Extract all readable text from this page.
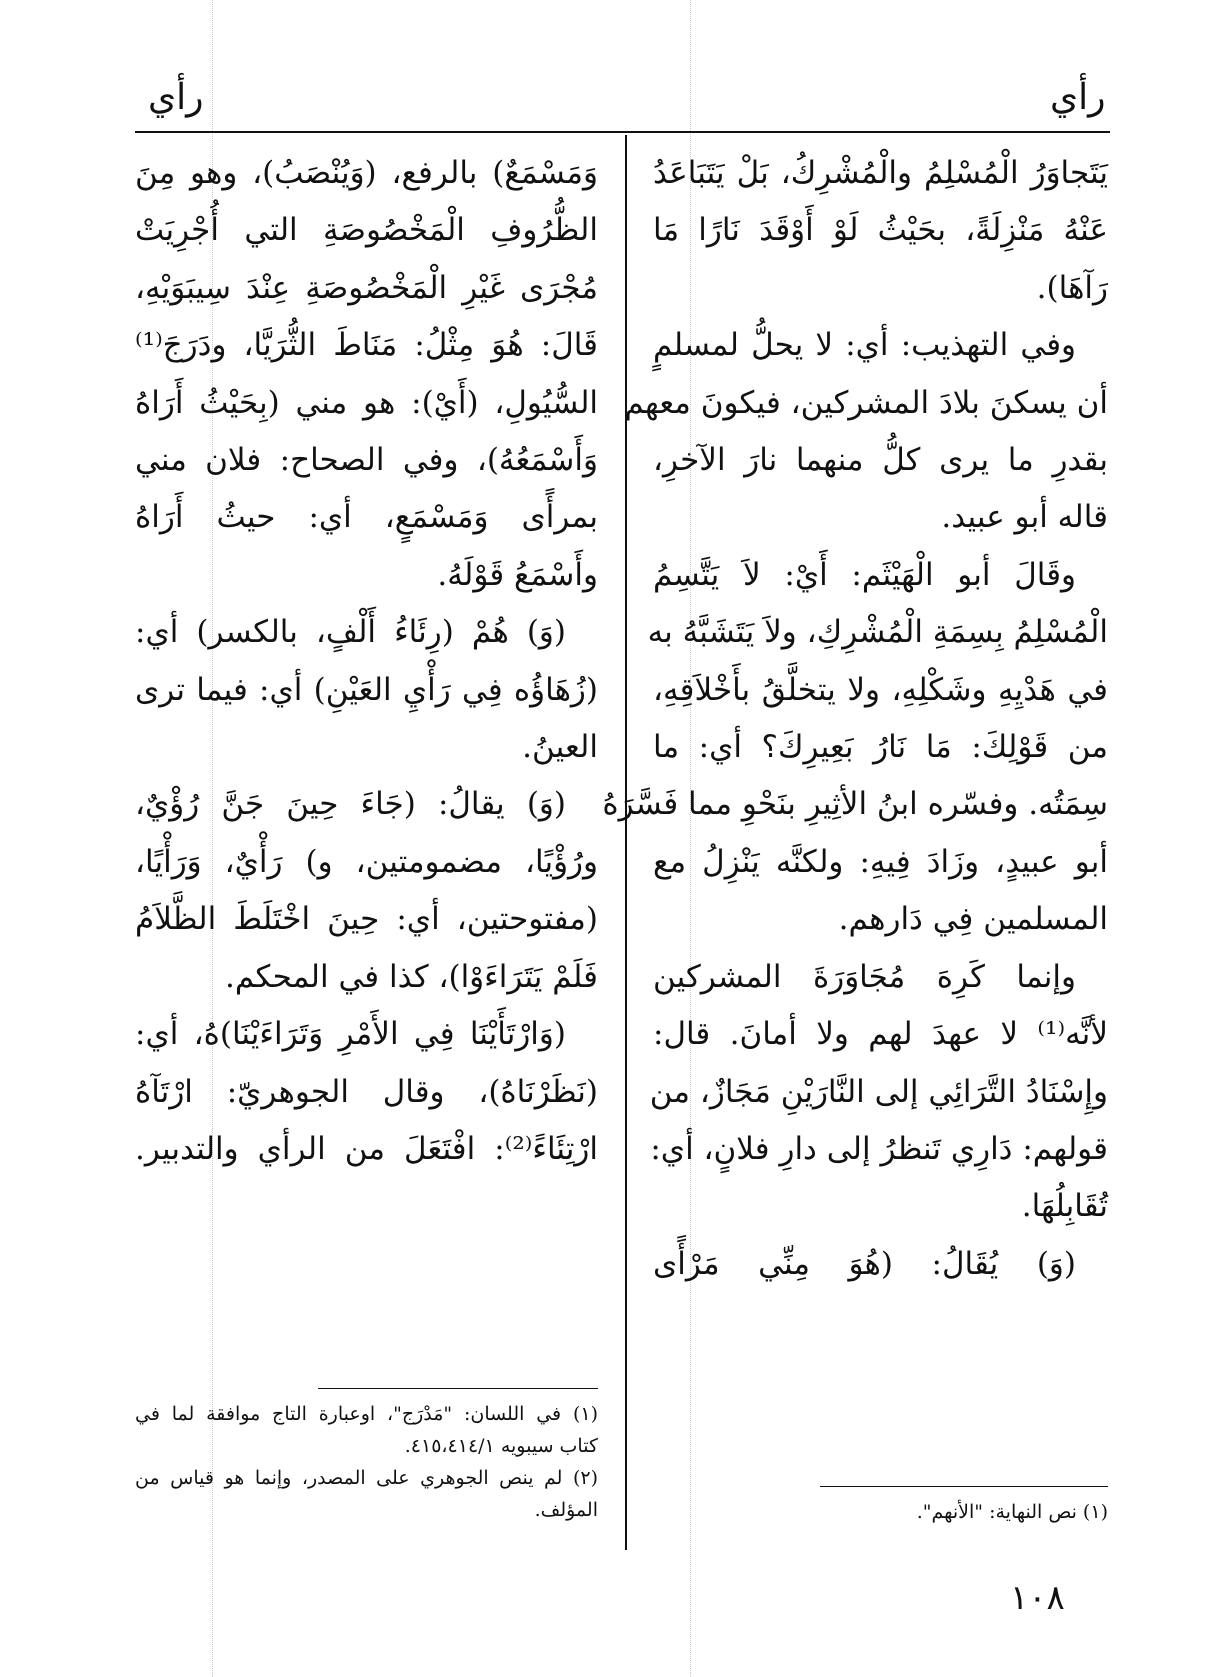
رأي	رأي
يَتَجاوَرُ الْمُسْلِمُ والْمُشْرِكُ، بَلْ يَتَبَاعَدُ
عَنْهُ مَنْزِلَةً، بحَيْثُ لَوْ أَوْقَدَ نَارًا مَا
رَآهَا).
وفي التهذيب: أي: لا يحلُّ لمسلمٍ
أن يسكنَ بلادَ المشركين، فيكونَ معهم
بقدرِ ما يرى كلُّ منهما نارَ الآخرِ،
قاله أبو عبيد.
وقَالَ أبو الْهَيْثَم: أَيْ: لاَ يَتَّسِمُ
الْمُسْلِمُ بِسِمَةِ الْمُشْرِكِ، ولاَ يَتَشَبَّهُ به
في هَدْيِهِ وشَكْلِهِ، ولا يتخلَّقُ بأَخْلاَقِهِ،
من قَوْلِكَ: مَا نَارُ بَعِيرِكَ؟ أي: ما
سِمَتُه. وفسّره ابنُ الأثِيرِ بنَحْوِ مما فَسَّرَهُ
أبو عبيدٍ، وزَادَ فِيهِ: ولكنَّه يَنْزِلُ مع
المسلمين فِي دَارهم.
وإنما كَرِهَ مُجَاوَرَةَ المشركين
لأنَّه⁽¹⁾ لا عهدَ لهم ولا أمانَ. قال:
وإِسْنَادُ التَّرَائِي إلى النَّارَيْنِ مَجَازٌ، من
قولهم: دَارِي تَنظرُ إلى دارِ فلانٍ، أي:
تُقَابِلُهَا.
(وَ) يُقَالُ: (هُوَ مِنِّي مَرْأًى
وَمَسْمَعٌ) بالرفع، (وَيُنْصَبُ)، وهو مِنَ
الظُّرُوفِ الْمَخْصُوصَةِ التي أُجْرِيَتْ
مُجْرَى غَيْرِ الْمَخْصُوصَةِ عِنْدَ سِيبَوَيْهِ،
قَالَ: هُوَ مِثْلُ: مَنَاطَ الثُّرَيَّا، ودَرَجَ⁽¹⁾
السُّيُولِ، (أَيْ): هو مني (بِحَيْثُ أَرَاهُ
وَأَسْمَعُهُ)، وفي الصحاح: فلان مني
بمرأًى وَمَسْمَعٍ، أي: حيثُ أَرَاهُ
وأَسْمَعُ قَوْلَهُ.
(وَ) هُمْ (رِئَاءُ أَلْفٍ، بالكسر) أي:
(زُهَاؤُه فِي رَأْيِ العَيْنِ) أي: فيما ترى
العينُ.
(وَ) يقالُ: (جَاءَ حِينَ جَنَّ رُؤْيٌ،
ورُؤْيًا، مضمومتين، و) رَأْيٌ، وَرَأْيًا،
(مفتوحتين، أي: حِينَ اخْتَلَطَ الظَّلاَمُ
فَلَمْ يَتَرَاءَوْا)، كذا في المحكم.
(وَارْتَأَيْنَا فِي الأَمْرِ وَتَرَاءَيْنَا)هُ، أي:
(نَظَرْنَاهُ)، وقال الجوهريّ: ارْتَآهُ
ارْتِئَاءً⁽²⁾: افْتَعَلَ من الرأي والتدبير.
(١) في اللسان: "مَدْرَج"، اوعبارة التاج موافقة لما في
كتاب سيبويه ٤١٥،٤١٤/١.
(٢) لم ينص الجوهري على المصدر، وإنما هو قياس من
المؤلف.	(١) نص النهاية: "الأنهم".
١٠٨
